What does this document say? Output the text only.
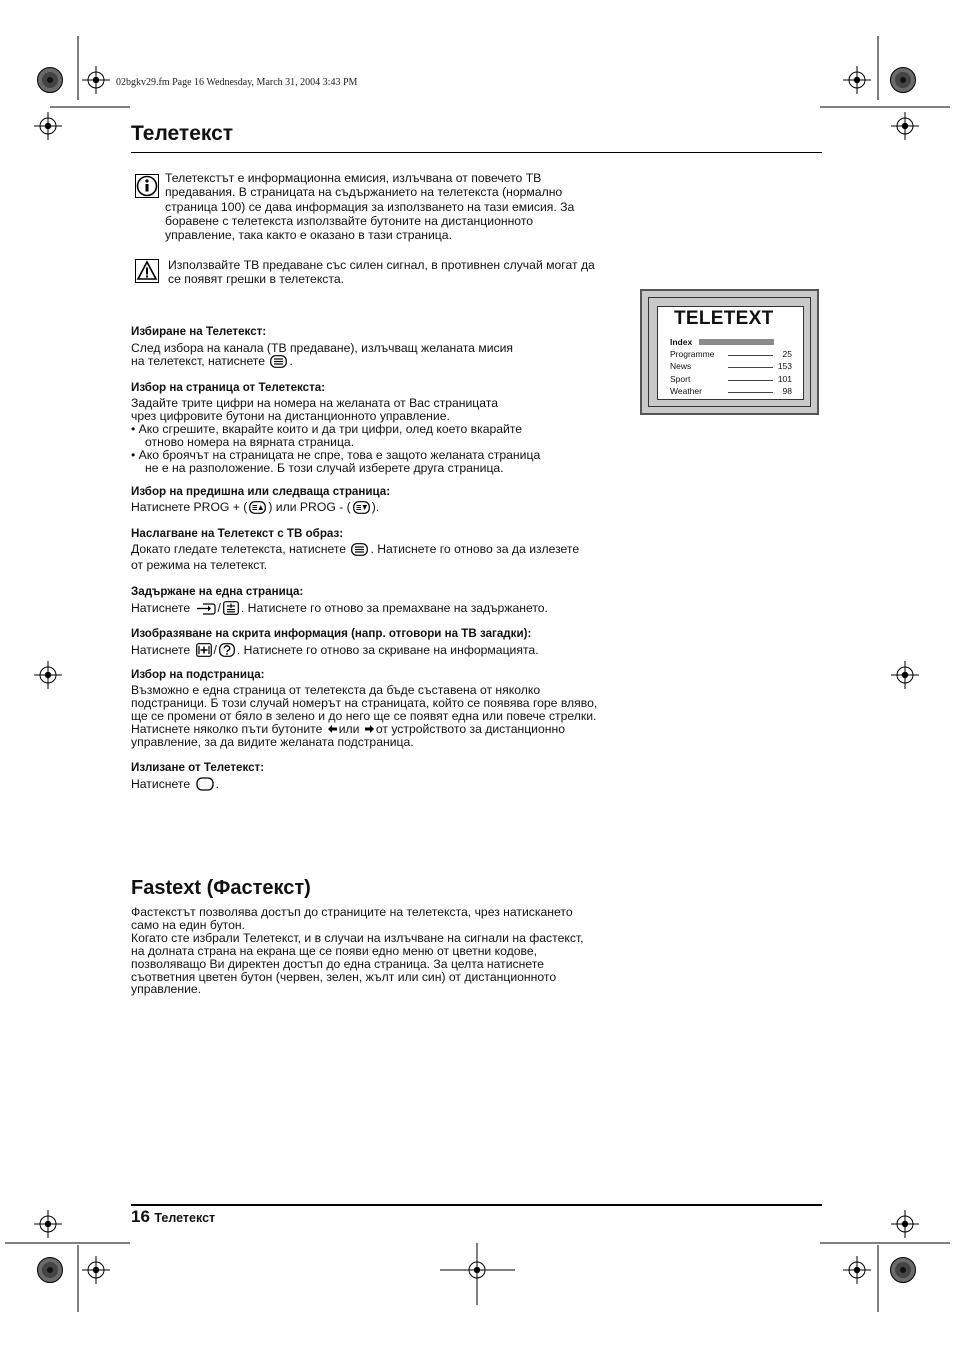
02bgkv29.fm Page 16 Wednesday, March 31, 2004 3:43 PM
Телетекст
Телетекстът е информационна емисия, излъчвана от повечето ТВ
предавания. В страницата на съдържанието на телетекста (нормално
страница 100) се дава информация за използването на тази емисия. За
боравене с телетекста използвайте бутоните на дистанционното
управление, така както е оказано в тази страница.
Използвайте ТВ предаване със силен сигнал, в противнен случай могат да
се появят грешки в телетекста.
TELETEXT
Index
Programme	25
News	153
Sport	101
Weather	98
Избиране на Телетекст:
След избора на канала (ТВ предаване), излъчващ желаната мисия
на телетекст, натиснете .
Избор на страница от Телетекста:
Задайте трите цифри на номера на желаната от Вас страницата
чрез цифровите бутони на дистанционното управление.
• Ако сгрешите, вкарайте които и да три цифри, олед което вкарайте
отново номера на вярната страница.
• Ако броячът на страницата не спре, това е защото желаната страница
не е на разположение. Б този случай изберете друга страница.
Избор на предишна или следваща страница:
Натиснете PROG + ( ) или PROG - ( ).
Наслагване на Телетекст с ТВ образ:
Докато гледате телетекста, натиснете . Натиснете го отново за да излезете
от режима на телетекст.
Задържане на една страница:
Натиснете / . Натиснете го отново за премахване на задържането.
Изобразяване на скрита информация (напр. отговори на ТВ загадки):
Натиснете / . Натиснете го отново за скриване на информацията.
Избор на подстраница:
Възможно е една страница от телетекста да бъде съставена от няколко
подстраници. Б този случай номерът на страницата, който се появява горе вляво,
ще се промени от бяло в зелено и до него ще се появят една или повече стрелки.
Натиснете няколко пъти бутоните или от устройството за дистанционно
управление, за да видите желаната подстраница.
Излизане от Телетекст:
Натиснете .
Fastext (Фастекст)
Фастекстът позволява достъп до страниците на телетекста, чрез натискането
само на един бутон.
Когато сте избрали Телетекст, и в случаи на излъчване на сигнали на фастекст,
на долната страна на екрана ще се появи едно меню от цветни кодове,
позволяващо Ви директен достъп до една страница. За целта натиснете
съответния цветен бутон (червен, зелен, жълт или син) от дистанционното
управление.
16 Телетекст
